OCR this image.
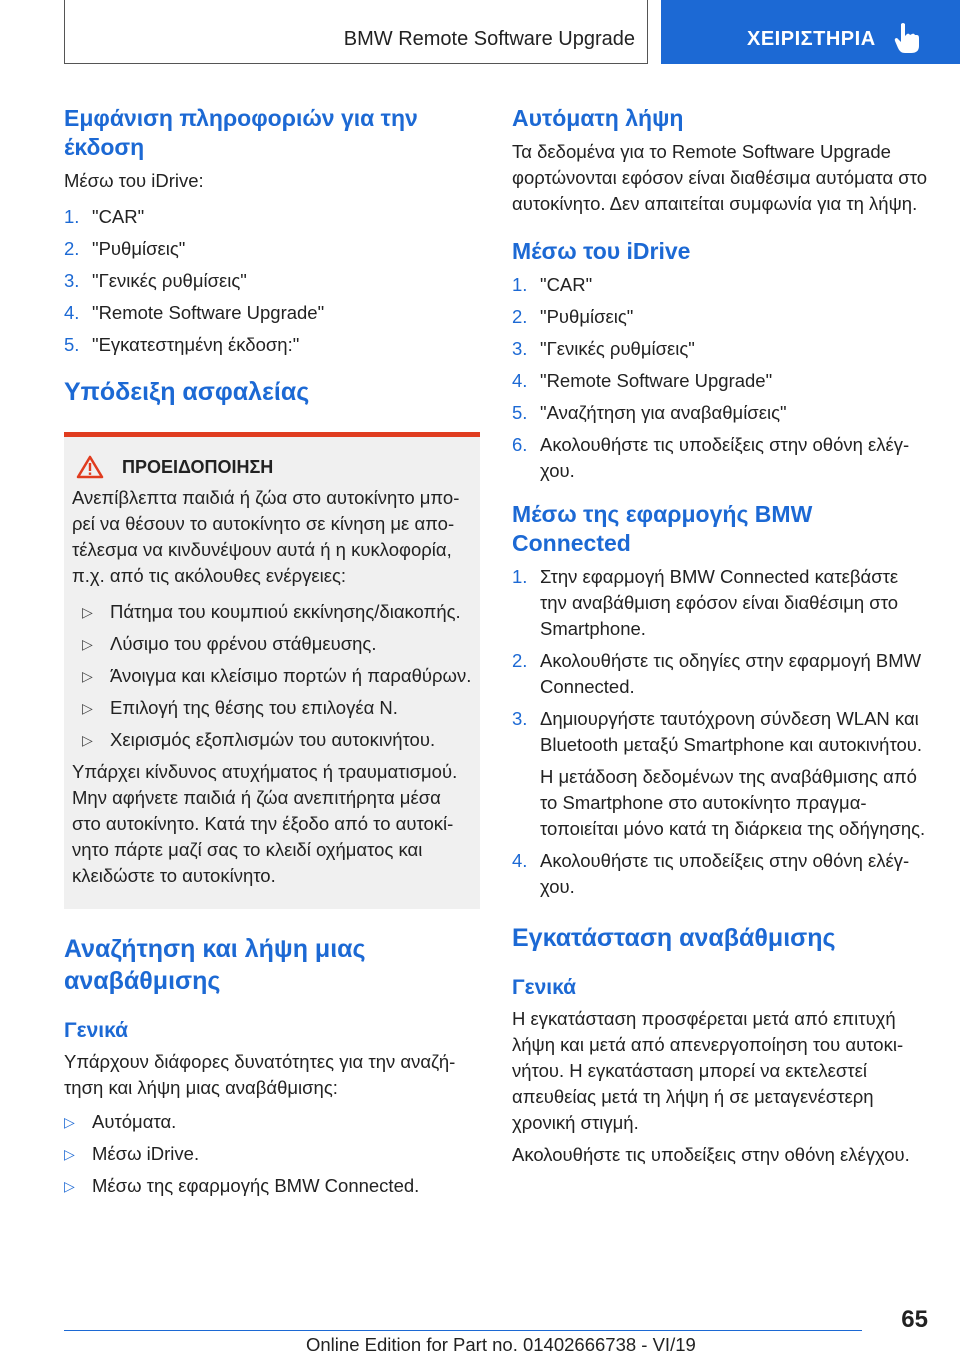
BMW Remote Software Upgrade	ΧΕΙΡΙΣΤΗΡΙΑ
Εμφάνιση πληροφοριών για την έκδοση

Μέσω του iDrive:

1. "CAR"
2. "Ρυθμίσεις"
3. "Γενικές ρυθμίσεις"
4. "Remote Software Upgrade"
5. "Εγκατεστημένη έκδοση:"
Υπόδειξη ασφαλείας
ΠΡΟΕΙΔΟΠΟΙΗΣΗ

Ανεπίβλεπτα παιδιά ή ζώα στο αυτοκίνητο μπορεί να θέσουν το αυτοκίνητο σε κίνηση με αποτέλεσμα να κινδυνέψουν αυτά ή η κυκλοφορία, π.χ. από τις ακόλουθες ενέργειες:

▷ Πάτημα του κουμπιού εκκίνησης/διακοπής.
▷ Λύσιμο του φρένου στάθμευσης.
▷ Άνοιγμα και κλείσιμο πορτών ή παραθύρων.
▷ Επιλογή της θέσης του επιλογέα N.
▷ Χειρισμός εξοπλισμών του αυτοκινήτου.

Υπάρχει κίνδυνος ατυχήματος ή τραυματισμού. Μην αφήνετε παιδιά ή ζώα ανεπιτήρητα μέσα στο αυτοκίνητο. Κατά την έξοδο από το αυτοκίνητο πάρτε μαζί σας το κλειδί οχήματος και κλειδώστε το αυτοκίνητο.

Αναζήτηση και λήψη μιας αναβάθμισης
Γενικά

Υπάρχουν διάφορες δυνατότητες για την αναζήτηση και λήψη μιας αναβάθμισης:

▷ Αυτόματα.
▷ Μέσω iDrive.
▷ Μέσω της εφαρμογής BMW Connected.
Αυτόματη λήψη

Τα δεδομένα για το Remote Software Upgrade φορτώνονται εφόσον είναι διαθέσιμα αυτόματα στο αυτοκίνητο. Δεν απαιτείται συμφωνία για τη λήψη.

Μέσω του iDrive
1. "CAR"
2. "Ρυθμίσεις"
3. "Γενικές ρυθμίσεις"
4. "Remote Software Upgrade"
5. "Αναζήτηση για αναβαθμίσεις"
6. Ακολουθήστε τις υποδείξεις στην οθόνη ελέγχου.
Μέσω της εφαρμογής BMW Connected
1. Στην εφαρμογή BMW Connected κατεβάστε την αναβάθμιση εφόσον είναι διαθέσιμη στο Smartphone.
2. Ακολουθήστε τις οδηγίες στην εφαρμογή BMW Connected.
3. Δημιουργήστε ταυτόχρονη σύνδεση WLAN και Bluetooth μεταξύ Smartphone και αυτοκινήτου.

Η μετάδοση δεδομένων της αναβάθμισης από το Smartphone στο αυτοκίνητο πραγματοποιείται μόνο κατά τη διάρκεια της οδήγησης.

4. Ακολουθήστε τις υποδείξεις στην οθόνη ελέγχου.
Εγκατάσταση αναβάθμισης
Γενικά

Η εγκατάσταση προσφέρεται μετά από επιτυχή λήψη και μετά από απενεργοποίηση του αυτοκινήτου. Η εγκατάσταση μπορεί να εκτελεστεί απευθείας μετά τη λήψη ή σε μεταγενέστερη χρονική στιγμή.

Ακολουθήστε τις υποδείξεις στην οθόνη ελέγχου.

65
Online Edition for Part no. 01402666738 - VI/19
